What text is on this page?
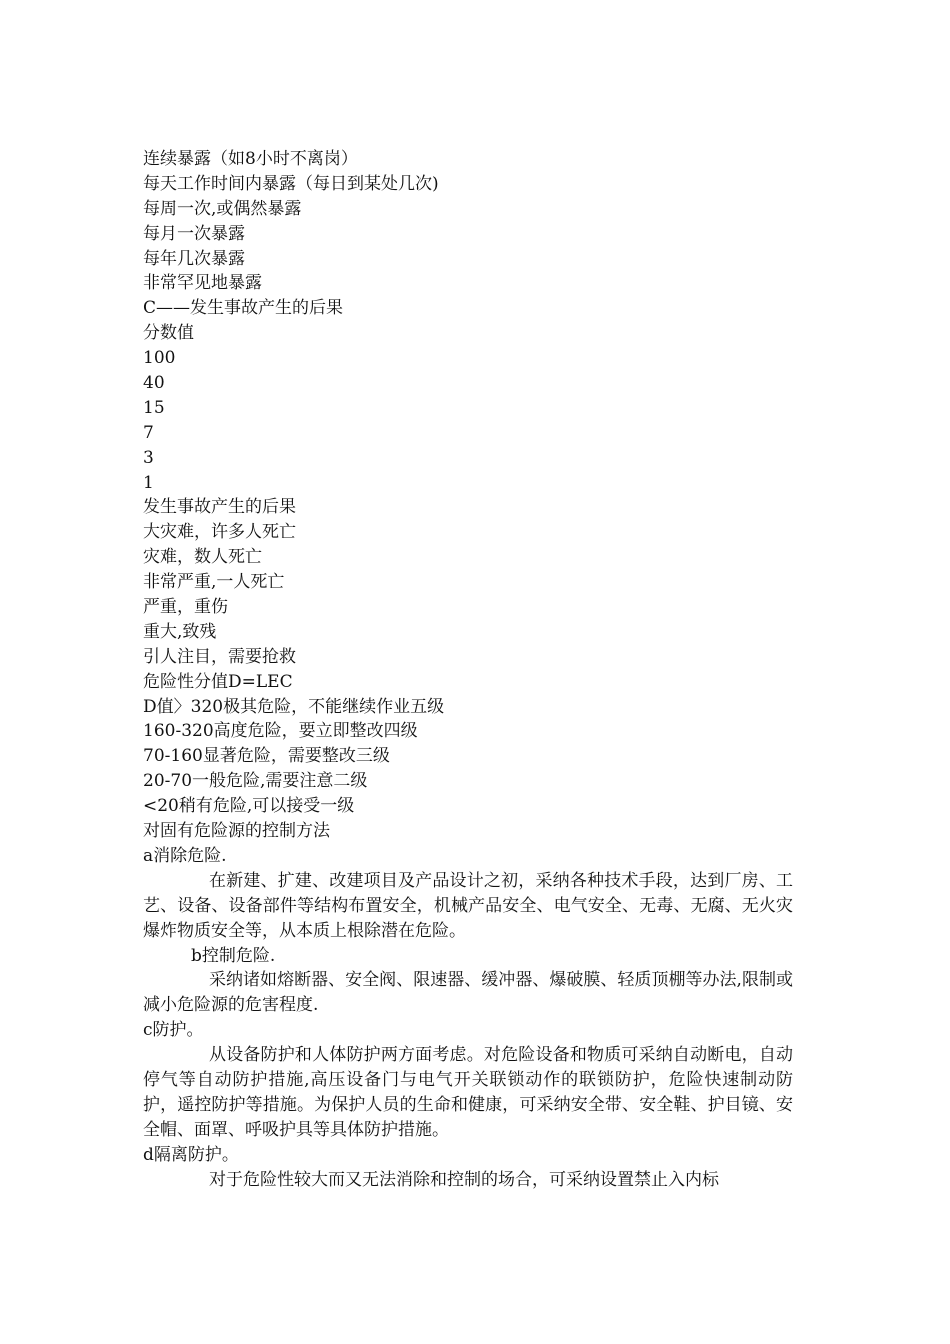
连续暴露（如8小时不离岗）
每天工作时间内暴露（每日到某处几次)
每周一次,或偶然暴露
每月一次暴露
每年几次暴露
非常罕见地暴露
C——发生事故产生的后果
分数值
100
40
15
7
3
1
发生事故产生的后果
大灾难，许多人死亡
灾难，数人死亡
非常严重,一人死亡
严重，重伤
重大,致残
引人注目，需要抢救
危险性分值D=LEC
D值〉320极其危险，不能继续作业五级
160-320高度危险，要立即整改四级
70-160显著危险，需要整改三级
20-70一般危险,需要注意二级
<20稍有危险,可以接受一级
对固有危险源的控制方法
a消除危险.

在新建、扩建、改建项目及产品设计之初，采纳各种技术手段，达到厂房、工艺、设备、设备部件等结构布置安全，机械产品安全、电气安全、无毒、无腐、无火灾爆炸物质安全等，从本质上根除潜在危险。

b控制危险.

采纳诸如熔断器、安全阀、限速器、缓冲器、爆破膜、轻质顶棚等办法,限制或减小危险源的危害程度.

c防护。

从设备防护和人体防护两方面考虑。对危险设备和物质可采纳自动断电，自动停气等自动防护措施,高压设备门与电气开关联锁动作的联锁防护，危险快速制动防护，遥控防护等措施。为保护人员的生命和健康，可采纳安全带、安全鞋、护目镜、安全帽、面罩、呼吸护具等具体防护措施。

d隔离防护。

对于危险性较大而又无法消除和控制的场合，可采纳设置禁止入内标
